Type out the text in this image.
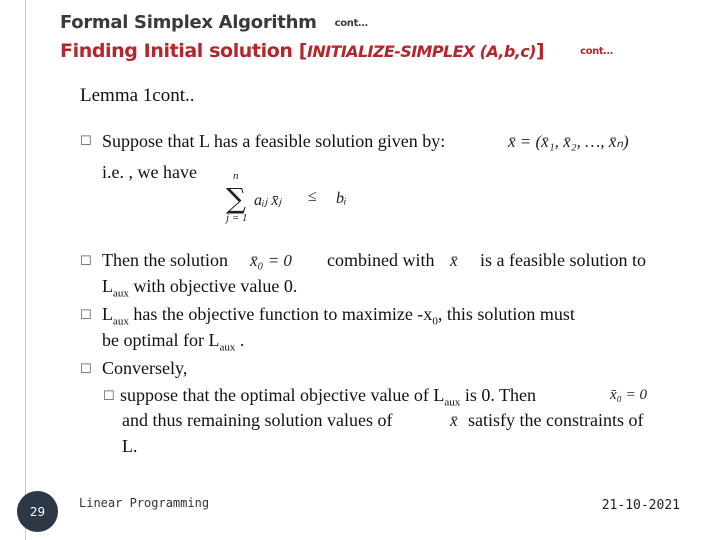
Formal Simplex Algorithm cont…
Finding Initial solution [INITIALIZE-SIMPLEX (A,b,c)]	cont…
Lemma 1cont..
☐ Suppose that L has a feasible solution given by:	x̄ = (x̄₁, x̄₂, …, x̄ₙ)
i.e. , we have	n
∑
j = 1
aᵢⱼ x̄ⱼ ≤ bᵢ
☐ Then the solution x̄₀ = 0 combined with x̄ is a feasible solution to
$L_{aux}$ with objective value 0.
☐ $L_{aux}$ has the objective function to maximize $-x_0$, this solution must
be optimal for $L_{aux}$ .
☐ Conversely,
☐ suppose that the optimal objective value of $L_{aux}$ is 0. Then	x̄₀ = 0
and thus remaining solution values of	x̄ satisfy the constraints of
L.
29
Linear Programming	21-10-2021
